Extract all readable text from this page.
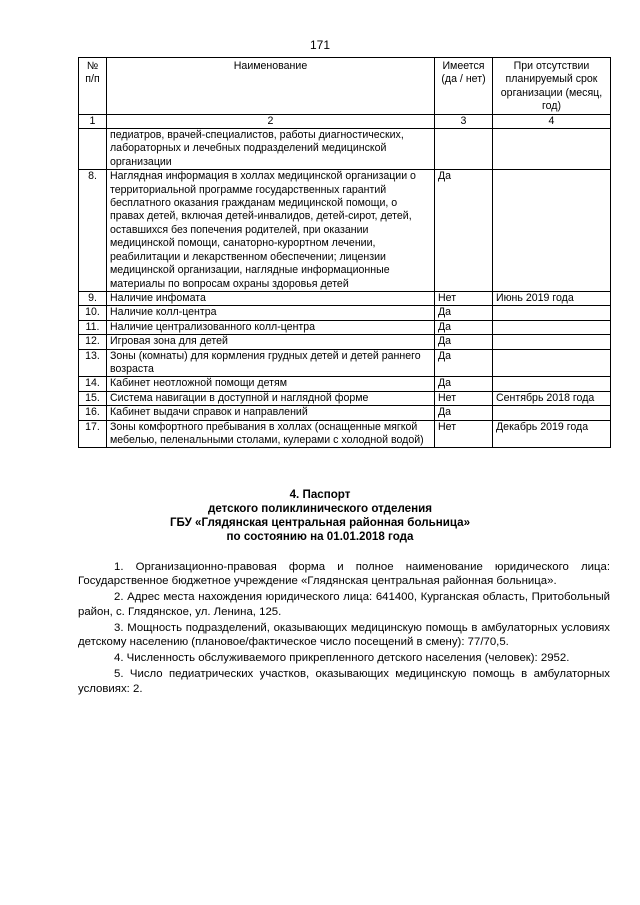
171
№ п/п	Наименование	Имеется (да / нет)	При отсутствии планируемый срок организации (месяц, год)
1	2	3	4
	педиатров, врачей-специалистов, работы диагностических, лабораторных и лечебных подразделений медицинской организации		
8.	Наглядная информация в холлах медицинской организации о территориальной программе государственных гарантий бесплатного оказания гражданам медицинской помощи, о правах детей, включая детей-инвалидов, детей-сирот, детей, оставшихся без попечения родителей, при оказании медицинской помощи, санаторно-курортном лечении, реабилитации и лекарственном обеспечении; лицензии медицинской организации, наглядные информационные материалы по вопросам охраны здоровья детей	Да	
9.	Наличие инфомата	Нет	Июнь 2019 года
10.	Наличие колл-центра	Да	
11.	Наличие централизованного колл-центра	Да	
12.	Игровая зона для детей	Да	
13.	Зоны (комнаты) для кормления грудных детей и детей раннего возраста	Да	
14.	Кабинет неотложной помощи детям	Да	
15.	Система навигации в доступной и наглядной форме	Нет	Сентябрь 2018 года
16.	Кабинет выдачи справок и направлений	Да	
17.	Зоны комфортного пребывания в холлах (оснащенные мягкой мебелью, пеленальными столами, кулерами с холодной водой)	Нет	Декабрь 2019 года
4. Паспорт
детского поликлинического отделения
ГБУ «Глядянская центральная районная больница»
по состоянию на 01.01.2018 года

1. Организационно-правовая форма и полное наименование юридического лица: Государственное бюджетное учреждение «Глядянская центральная районная больница».

2. Адрес места нахождения юридического лица: 641400, Курганская область, Притобольный район, с. Глядянское, ул. Ленина, 125.

3. Мощность подразделений, оказывающих медицинскую помощь в амбулаторных условиях детскому населению (плановое/фактическое число посещений в смену): 77/70,5.

4. Численность обслуживаемого прикрепленного детского населения (человек): 2952.

5. Число педиатрических участков, оказывающих медицинскую помощь в амбулаторных условиях: 2.
